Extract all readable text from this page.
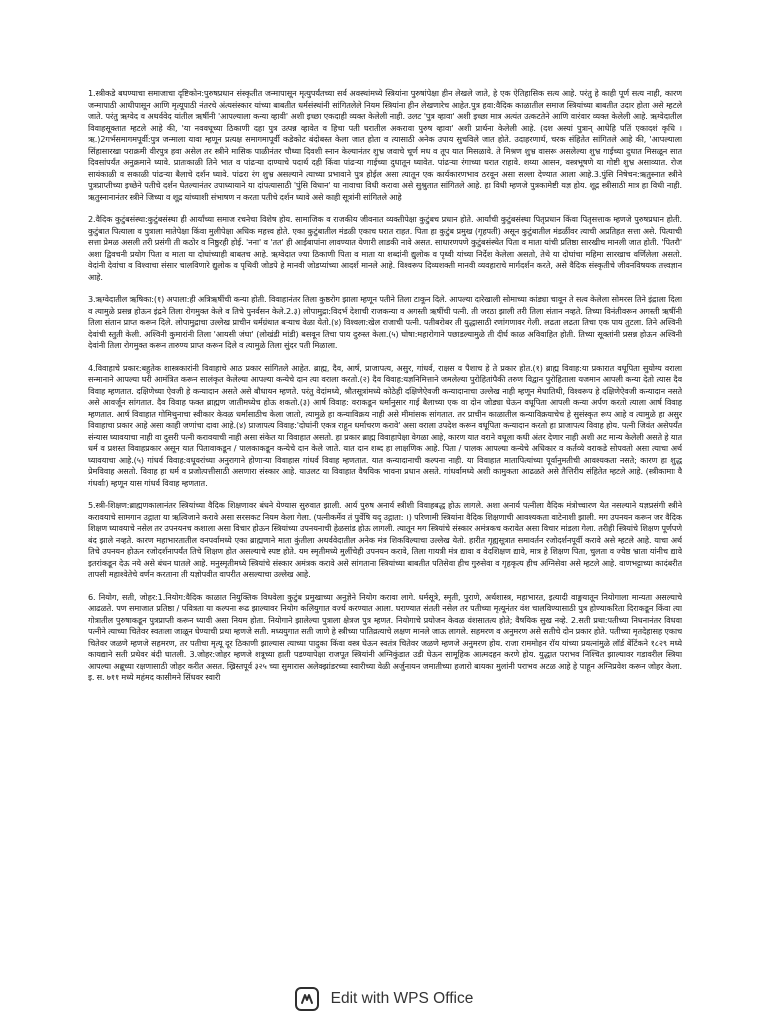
1.स्त्रीकडे बघण्याचा समाजाचा दृष्टिकोन:पुरुषप्रधान संस्कृतीत जन्मापासून मृत्युपर्यंतच्या सर्व अवस्थांमध्ये स्त्रियांना पुरुषांपेक्षा हीन लेखले जाते, हे एक ऐतिहासिक सत्य आहे. परंतु हे काही पूर्ण सत्य नाही, कारण जन्मापाठी आधीपासून आणि मृत्यूपाठी नंतरचे अंत्यसंस्कार यांच्या बाबतीत धर्मसंस्थांनी सांगितलेले नियम स्त्रियांना हीन लेखणारेच आहेत.पुत्र हवा:वैदिक काळातील समाज स्त्रियांच्या बाबतीत उदार होता असे म्हटले जाते. परंतु ऋग्वेद व अथर्ववेद यांतील ऋषींनी 'आपल्याला कन्या व्हावी' अशी इच्छा एकदाही व्यक्त केलेली नाही. उलट 'पुत्र व्हावा' अशी इच्छा मात्र अत्यंत उत्कटतेने आणि वारंवार व्यक्त केलेली आहे. ऋग्वेदातील विवाहसूक्तात म्हटले आहे की, 'या नववधूच्या ठिकाणी दहा पुत्र उत्पन्न व्हावेत व हिचा पती घरातील अकरावा पुरुष व्हावा' अशी प्रार्थना केलेली आहे. (दश अस्यां पुत्रान् आधेहि पतिं एकादशं कृधि । ऋ.)2गर्भसमागमपूर्वी:पुत्र जन्माला यावा म्हणून प्रत्यक्ष समागमापूर्वी कडेकोट बंदोबस्त केला जात होता व त्यासाठी अनेक उपाय सुचविले जात होते. उदाहरणार्थ, चरक संहितेत सांगितले आहे की, 'आपल्याला सिंहासारखा पराक्रमी वीरपुत्र हवा असेल तर स्त्रीने मासिक पाळीनंतर चौथ्या दिवशी स्नान केल्यानंतर शुभ्र जवाचे चूर्ण मध व तूप यात मिसळावे. ते मिश्रण शुभ्र वासरू असलेल्या शुभ्र गाईच्या दुधात मिसळून सात दिवसांपर्यंत अनुक्रमाने घ्यावे. प्रातःकाळी तिने भात व पांढऱ्या दाण्याचे पदार्थ दही किंवा पांढऱ्या गाईच्या दुधातून घ्यावेत. पांढऱ्या रंगाच्या घरात राहावे. शय्या आसन, वस्त्रभूषणे या गोष्टी शुभ्र असाव्यात. रोज सायंकाळी व सकाळी पांढऱ्या बैलाचे दर्शन घ्यावे. पांढरा रंग शुभ्र असल्याने त्याच्या प्रभावाने पुत्र होईल असा त्यातून एक कार्यकारणभाव ठरवून असा सल्ला देण्यात आला आहे.3.पुंसि निषेचन:ऋतुस्नात स्त्रीने पुत्रप्राप्तीच्या इच्छेने पतीचे दर्शन घेतल्यानंतर उपाध्यायाने या दांपत्यासाठी 'पुंसि विधान' या नावाचा विधी करावा असे सुश्रुतात सांगितले आहे. हा विधी म्हणजे पुत्रकामेष्टी यज्ञ होय. शूद्र स्त्रीसाठी मात्र हा विधी नाही. ऋतुस्नानानंतर स्त्रीने जिच्या व शूद्र यांच्याशी संभाषण न करता पतीचे दर्शन घ्यावे असे काही सूत्रांनी सांगितले आहे

2.वैदिक कुटुंबसंस्था:कुटुंबसंस्था ही आर्यांच्या समाज रचनेचा विशेष होय. सामाजिक व राजकीय जीवनात व्यक्तीपेक्षा कुटुंबच प्रधान होते. आर्यांची कुटुंबसंस्था पितृप्रधान किंवा पितृसत्ताक म्हणजे पुरुषप्रधान होती. कुटुंबात पित्याला व पुत्राला मातेपेक्षा किंवा मुलीपेक्षा अधिक महत्त्व होते. एका कुटुंबातील मंडळी एकाच घरात राहत. पिता हा कुटुंब प्रमुख (गृहपती) असून कुटुंबातील मंडळींवर त्याची अप्रतिहत सत्ता असे. पित्याची सत्ता प्रेमळ असली तरी प्रसंगी ती कठोर व निष्ठुरही होई. 'नना' व 'तत' ही आईबापांना लावण्यात येणारी लाडकी नावे असत. साधारणपणे कुटुंबसंस्थेत पिता व माता यांची प्रतिष्ठा सारखीच मानली जात होती. 'पितरौ' अशा द्विवचनी प्रयोग पिता व माता या दोघांच्याही बाबतच आहे. ऋग्वेदात ज्या ठिकाणी पिता व माता या शब्दांनी द्युलोक व पृथ्वी यांच्या निर्देश केलेला असतो, तेथे या दोघांचा महिमा सारखाच वर्णिलेला असतो. वेदांनी देवांचा व विश्वाचा संसार चालविणारे द्युलोक व पृथिवी जोडपे हे मानवी जोडप्यांच्या आदर्श मानले आहे. विश्वरूप दिव्यशक्ती मानवी व्यवहाराचे मार्गदर्शन करते, असे वैदिक संस्कृतीचे जीवनविषयक तत्त्वज्ञान आहे.

3.ऋग्वेदातील ऋषिका:(१) अपाला:ही अत्रिऋषींची कन्या होती. विवाहानंतर तिला कुष्ठरोग झाला म्हणून पतीने तिला टाकून दिले. आपल्या दारेखाली सोमाच्या कांड्या चावून ते सत्व केलेला सोमरस तिने इंद्राला दिला व त्यामुळे प्रसन्न होऊन इंद्रने तिला रोगमुक्त केले व तिचे पुनर्वसन केले.2.३) लोपामुद्रा:विदर्भ देशाची राजकन्या व अगस्ती ऋषींची पत्नी. ती जरठा झाली तरी तिला संतान नव्हते. तिच्या विनंतीवरून अगस्ती ऋषींनी तिला संतान प्राप्त करून दिले. लोपामुद्राचा उल्लेख प्राचीन धर्मग्रंथात बऱ्याच वेळा येतो.(४) विश्वला:खेल राजाची पत्नी. पतीबरोबर ती युद्धासाठी रणांगणावर गेली. लढता लढता तिचा एक पाय तुटला. तिने अश्विनी देवांची स्तुती केली. अश्विनी कुमारांनी तिला 'आयसी जंघा' (लोखंडी मांडी) बसवून तिचा पाय दुरुस्त केला.(५) घोषा:महारोगाने पछाडल्यामुळे ती दीर्घ काळ अविवाहित होती. तिच्या सूक्तांनी प्रसन्न होऊन अश्विनी देवांनी तिला रोगमुक्त करून तारुण्य प्राप्त करून दिले व त्यामुळे तिला सुंदर पती मिळाला.

4.विवाहाचे प्रकार:बहुतेक शास्त्रकारांनी विवाहाचे आठ प्रकार सांगितले आहेत. ब्राह्म, दैव, आर्ष, प्राजापत्य, असुर, गांधर्व, राक्षस व पैशाच हे ते प्रकार होत.(१) ब्राह्म विवाह:या प्रकारात वधूपिता सुयोग्य वराला सन्मानाने आपल्या घरी आमंत्रित करून सालंकृत केलेल्या आपल्या कन्येचे दान त्या वराला करतो.(२) दैव विवाह:यज्ञनिमित्ताने जमलेल्या पुरोहितांपैकी तरुण विद्वान पुरोहिताला यजमान आपली कन्या देतो त्यास दैव विवाह म्हणतात. दक्षिणेच्या ऐवजी हे कन्यादान असते असे बौधायन म्हणते. परंतु वेदांमध्ये, श्रौतसूत्रांमध्ये कोठेही दक्षिणेऐवजी कन्यादानाचा उल्लेख नाही म्हणून मेधातिथी, विश्वरूप हे दक्षिणेऐवजी कन्यादान नसते असे आवर्जून सांगतात. दैव विवाह फक्त ब्राह्मण जातीमध्येच होऊ शकतो.(३) आर्ष विवाह: वराकडून धर्मानुसार गाई बैलाच्या एक वा दोन जोड्या घेऊन वधूपिता आपली कन्या अर्पण करतो त्याला आर्ष विवाह म्हणतात. आर्ष विवाहात गोमिथुनाचा स्वीकार केवळ धर्मासाठीच केला जातो, त्यामुळे हा कन्याविक्रय नाही असे मीमांसक सांगतात. तर प्राचीन काळातील कन्याविक्रयाचेच हे सुसंस्कृत रूप आहे व त्यामुळे हा असुर विवाहाचा प्रकार आहे असा काही जणांचा दावा आहे.(४) प्राजापत्य विवाह:'दोघांनी एकत्र राहून धर्माचरण करावे' असा वराला उपदेश करून वधूपिता कन्यादान करतो हा प्राजापत्य विवाह होय. पत्नी जिवंत असेपर्यंत संन्यास घ्यावयाचा नाही वा दुसरी पत्नी करावयाची नाही असा संकेत या विवाहात असतो. हा प्रकार ब्राह्म विवाहापेक्षा वेगळा आहे, कारण यात वराने वधूला कधी अंतर देणार नाही अशी अट मान्य केलेली असते हे यात धर्म व प्रशस्त विवाहप्रकार असून यात पितावाकडून / पालकाकडून कन्येचे दान केले जाते. यात दान शब्द हा लाक्षणिक आहे. पिता / पालक आपल्या कन्येचे अधिकार व कर्तव्ये वराकडे सोपवतो असा त्याचा अर्थ घ्यावयाचा आहे.(५) गांधर्व विवाह:वधूवरांच्या अनुरागाने होणाऱ्या विवाहास गांधर्व विवाह म्हणतात. यात कन्यादानाची कल्पना नाही. या विवाहात मातापित्यांच्या पूर्वानुमतीची आवश्यकता नसते; कारण हा शुद्ध प्रेमविवाह असतो. विवाह हा धर्म व प्रजोत्पत्तीसाठी असणारा संस्कार आहे. याउलट या विवाहात वैषयिक भावना प्रधान असते. गांधर्वामध्ये अशी कामुकता आढळते असे तैत्तिरीय संहितेत म्हटले आहे. (स्त्रीकामाः वै गंधर्वाः) म्हणून यास गांधर्व विवाह म्हणतात.

5.स्त्री-शिक्षण:ब्राह्मणकालानंतर स्त्रियांच्या वैदिक शिक्षणावर बंधने येण्यास सुरुवात झाली. आर्य पुरुष अनार्य स्त्रीशी विवाहबद्ध होऊ लागले. अशा अनार्य पत्नीला वैदिक मंत्रोच्चारण येत नसल्याने यज्ञप्रसंगी स्त्रीने करावयाचे सामगान उद्गाता या ऋत्विजाने करावे असा सरसकट नियम केला गेला. (पत्नीकर्मेव तं पुर्वेषि यद् उद्गाता: ।) परिणामी स्त्रियांना वैदिक शिक्षणाची आवश्यकता वाटेनाशी झाली. मग उपनयन करून जर वैदिक शिक्षण घ्यावयाचे नसेल तर उपनयनच कशाला असा विचार होऊन स्त्रियांच्या उपनयनाची हेळसांड होऊ लागली. त्यातून मग स्त्रियांचे संस्कार अमंत्रकच करावेत असा विचार मांडला गेला. तरीही स्त्रियांचे शिक्षण पूर्णपणे बंद झाले नव्हते. कारण महाभारतातील वनपर्वामध्ये एका ब्राह्मणाने माता कुंतीला अथर्ववेदातील अनेक मंत्र शिकविल्याचा उल्लेख येतो. हारीत गृह्यसूत्रात समावर्तन रजोदर्शनपूर्वी करावे असे म्हटले आहे. याचा अर्थ तिचे उपनयन होऊन रजोदर्शनापर्यंत तिचे शिक्षण होत असल्याचे स्पष्ट होते. यम स्मृतीमध्ये मुलींचेही उपनयन करावे, तिला गायत्री मंत्र द्यावा व वेदशिक्षण द्यावे, मात्र हे शिक्षण पिता, चुलता व ज्येष्ठ भ्राता यांनीच द्यावे इतरांकडून देऊ नये असे बंधन घातले आहे. मनुस्मृतीमध्ये स्त्रियांचे संस्कार अमंत्रक करावे असे सांगताना स्त्रियांच्या बाबतीत पतिसेवा हीच गुरुसेवा व गृहकृत्य हीच अग्निसेवा असे म्हटले आहे. वाणभट्टाच्या कादंबरीत तापसी महाश्वेतेचे वर्णन करताना ती यज्ञोपवीत वापरीत असल्याचा उल्लेख आहे.

6. नियोग, सती, जोहर:1.नियोग:वैदिक काळात नियुक्तिक विधवेला कुटुंब प्रमुखाच्या अनुज्ञेने नियोग करावा लागे. धर्मसूत्रे, स्मृती, पुराणे, अर्थशास्त्र, महाभारत, इत्यादी वाङ्मयातून नियोगाला मान्यता असल्याचे आढळते. पण समाजात प्रतिष्ठा / पवित्रता या कल्पना रूढ झाल्यावर नियोग कलियुगात वर्ज्य करण्यात आला. घराण्यात संतती नसेल तर पतीच्या मृत्यूनंतर वंश चालविण्यासाठी पुत्र होण्याकरिता दिराकडून किंवा त्या गोत्रातील पुरुषाकडून पुत्रप्राप्ती करून घ्यावी असा नियम होता. नियोगाने झालेल्या पुत्राला क्षेत्रज पुत्र म्हणत. नियोगाचे प्रयोजन केवळ वंशसातत्य होते; वैषयिक सुख नव्हे. 2.सती प्रथा:पतीच्या निधनानंतर विधवा पत्नीने त्याच्या चितेवर स्वतःला जाळून घेण्याची प्रथा म्हणजे सती. मध्ययुगात सती जाणे हे स्त्रीच्या पातिव्रत्याचे लक्षण मानले जाऊ लागले. सहमरण व अनुमरण असे सतीचे दोन प्रकार होते. पतीच्या मृतदेहासह एकाच चितेवर जळणे म्हणजे सहमरण, तर पतीचा मृत्यू दूर ठिकाणी झाल्यास त्याच्या पादुका किंवा वस्त्र घेऊन स्वतंत्र चितेवर जळणे म्हणजे अनुमरण होय. राजा राममोहन रॉय यांच्या प्रयत्नांमुळे लॉर्ड बेंटिंकने १८२९ मध्ये कायद्याने सती प्रथेवर बंदी घातली. 3.जोहर:जोहर म्हणजे शत्रूच्या हाती पडण्यापेक्षा राजपूत स्त्रियांनी अग्निकुंडात उडी घेऊन सामूहिक आत्मदहन करणे होय. युद्धात पराभव निश्चित झाल्यावर गडावरील स्त्रिया आपल्या अब्रूच्या रक्षणासाठी जोहर करीत असत. ख्रिस्तपूर्व ३२५ च्या सुमारास अलेक्झांडरच्या स्वारीच्या वेळी अर्जुनायन जमातीच्या हजारो बायका मुलांनी पराभव अटळ आहे हे पाहून अग्निप्रवेश करून जोहर केला. इ. स. ७११ मध्ये महंमद कासीमने सिंधवर स्वारी

Edit with WPS Office
